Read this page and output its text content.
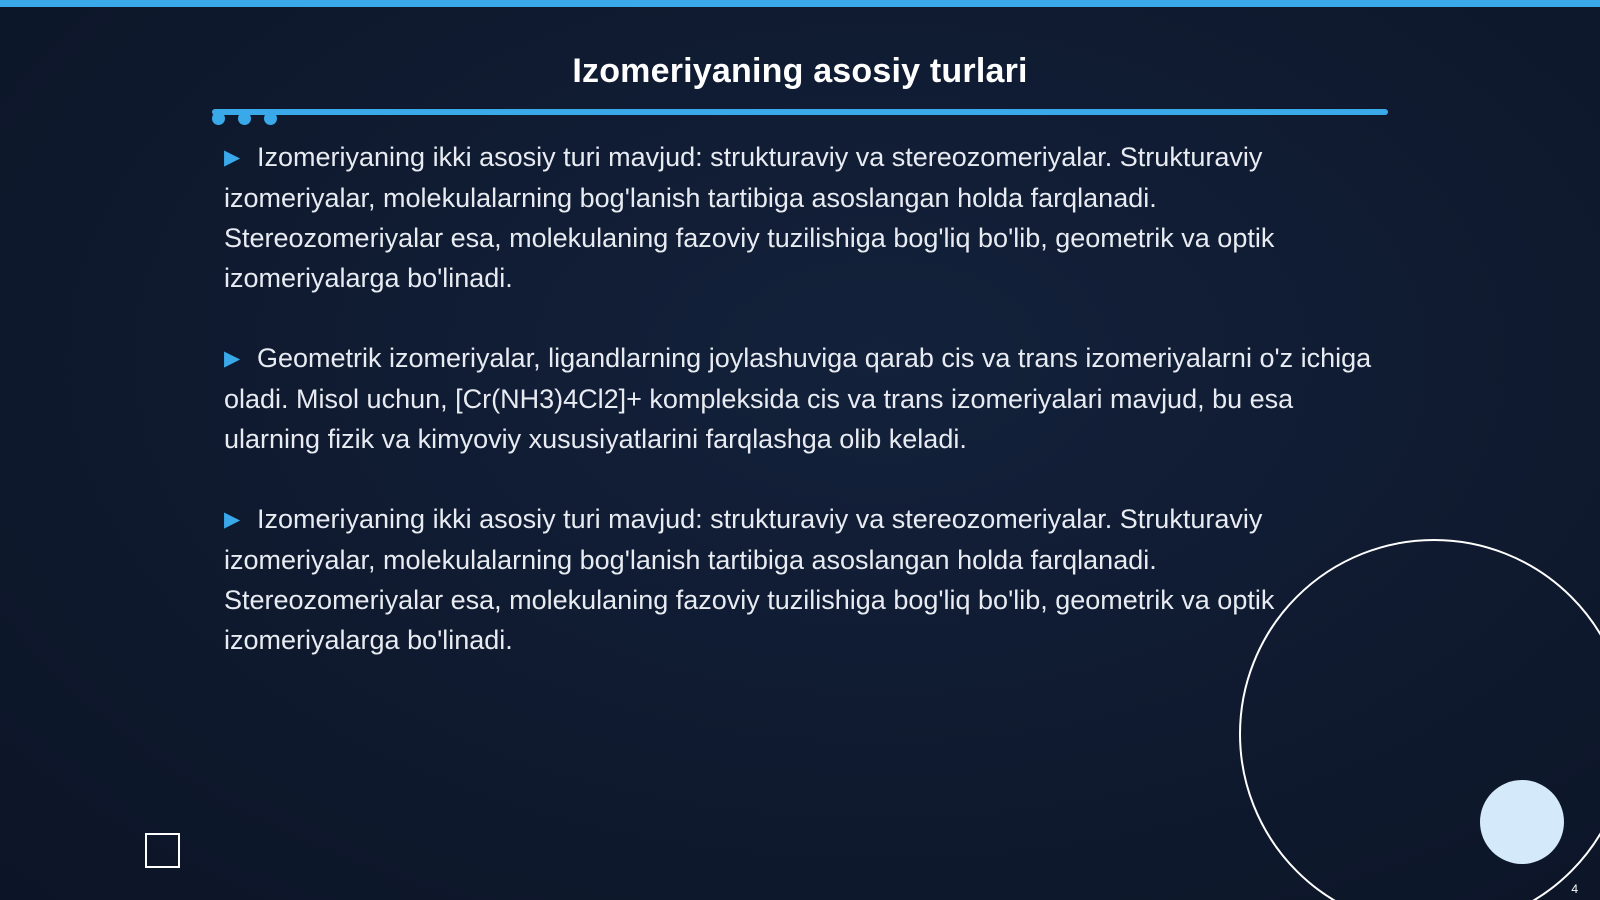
Izomeriyaning asosiy turlari

▶ Izomeriyaning ikki asosiy turi mavjud: strukturaviy va stereozomeriyalar. Strukturaviy izomeriyalar, molekulalarning bog'lanish tartibiga asoslangan holda farqlanadi. Stereozomeriyalar esa, molekulaning fazoviy tuzilishiga bog'liq bo'lib, geometrik va optik izomeriyalarga bo'linadi.

▶ Geometrik izomeriyalar, ligandlarning joylashuviga qarab cis va trans izomeriyalarni o'z ichiga oladi. Misol uchun, [Cr(NH3)4Cl2]+ kompleksida cis va trans izomeriyalari mavjud, bu esa ularning fizik va kimyoviy xususiyatlarini farqlashga olib keladi.

▶ Izomeriyaning ikki asosiy turi mavjud: strukturaviy va stereozomeriyalar. Strukturaviy izomeriyalar, molekulalarning bog'lanish tartibiga asoslangan holda farqlanadi. Stereozomeriyalar esa, molekulaning fazoviy tuzilishiga bog'liq bo'lib, geometrik va optik izomeriyalarga bo'linadi.

4
